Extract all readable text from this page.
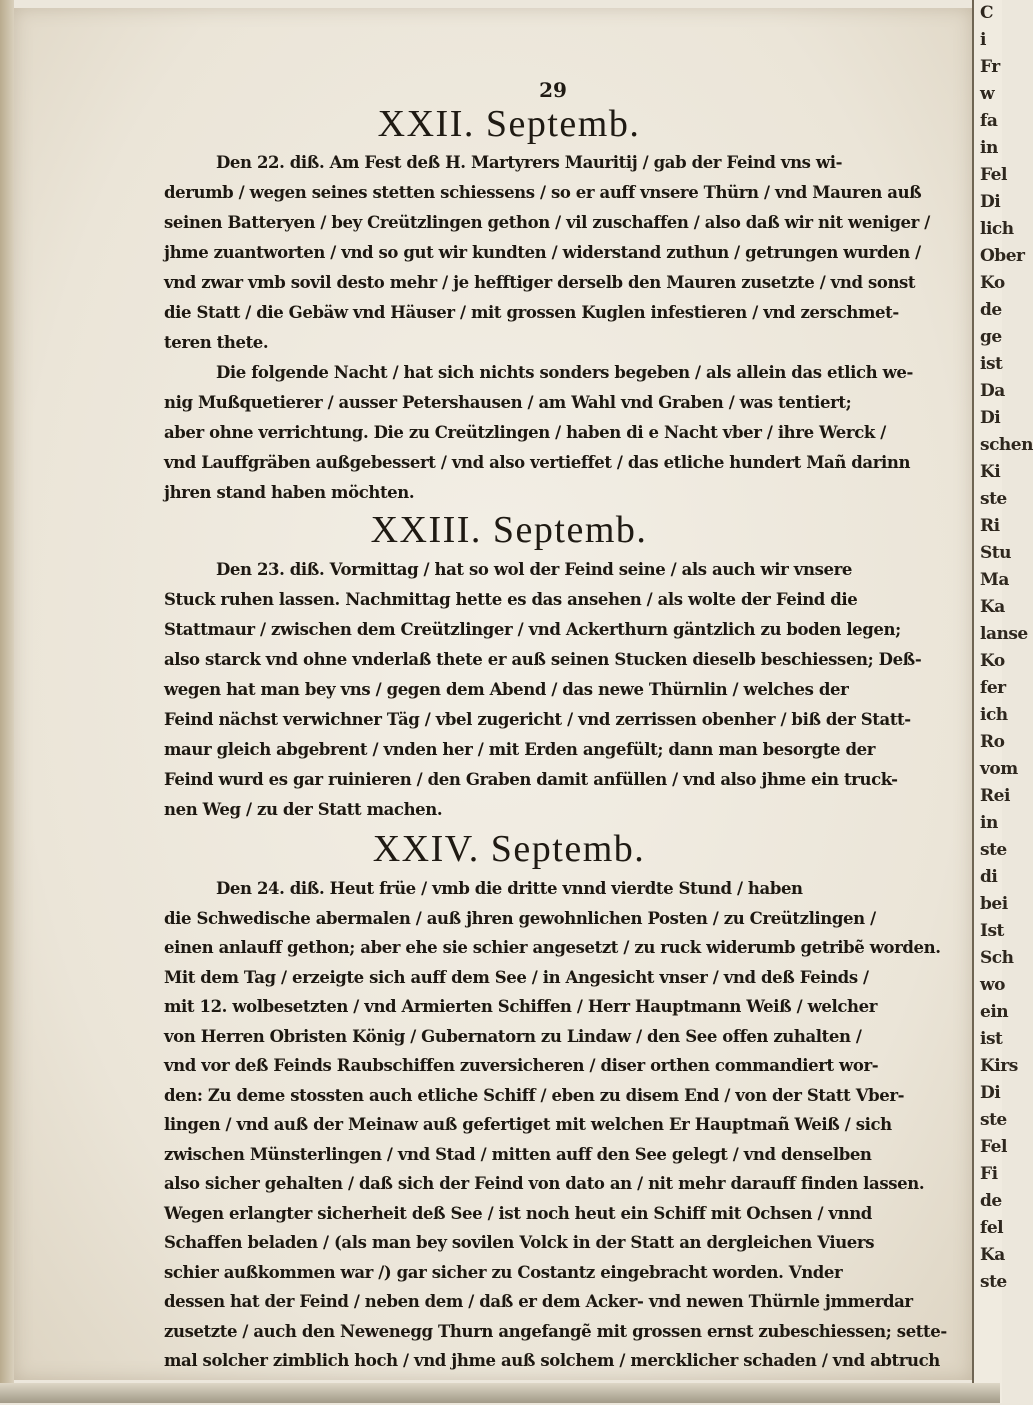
29
XXII. Septemb.
Den 22. diß. Am Fest deß H. Martyrers Mauritij / gab der Feind vns wi-
derumb / wegen seines stetten schiessens / so er auff vnsere Thürn / vnd Mauren auß
seinen Batteryen / bey Creützlingen gethon / vil zuschaffen / also daß wir nit weniger /
jhme zuantworten / vnd so gut wir kundten / widerstand zuthun / getrungen wurden /
vnd zwar vmb sovil desto mehr / je hefftiger derselb den Mauren zusetzte / vnd sonst
die Statt / die Gebäw vnd Häuser / mit grossen Kuglen infestieren / vnd zerschmet-
teren thete.
Die folgende Nacht / hat sich nichts sonders begeben / als allein das etlich we-
nig Mußquetierer / ausser Petershausen / am Wahl vnd Graben / was tentiert;
aber ohne verrichtung. Die zu Creützlingen / haben di e Nacht vber / ihre Werck /
vnd Lauffgräben außgebessert / vnd also vertieffet / das etliche hundert Mañ darinn
jhren stand haben möchten.
XXIII. Septemb.
Den 23. diß. Vormittag / hat so wol der Feind seine / als auch wir vnsere
Stuck ruhen lassen. Nachmittag hette es das ansehen / als wolte der Feind die
Stattmaur / zwischen dem Creützlinger / vnd Ackerthurn gäntzlich zu boden legen;
also starck vnd ohne vnderlaß thete er auß seinen Stucken dieselb beschiessen; Deß-
wegen hat man bey vns / gegen dem Abend / das newe Thürnlin / welches der
Feind nächst verwichner Täg / vbel zugericht / vnd zerrissen obenher / biß der Statt-
maur gleich abgebrent / vnden her / mit Erden angefült; dann man besorgte der
Feind wurd es gar ruinieren / den Graben damit anfüllen / vnd also jhme ein truck-
nen Weg / zu der Statt machen.
XXIV. Septemb.
Den 24. diß. Heut früe / vmb die dritte vnnd vierdte Stund / haben
die Schwedische abermalen / auß jhren gewohnlichen Posten / zu Creützlingen /
einen anlauff gethon; aber ehe sie schier angesetzt / zu ruck widerumb getribẽ worden.
Mit dem Tag / erzeigte sich auff dem See / in Angesicht vnser / vnd deß Feinds /
mit 12. wolbesetzten / vnd Armierten Schiffen / Herr Hauptmann Weiß / welcher
von Herren Obristen König / Gubernatorn zu Lindaw / den See offen zuhalten /
vnd vor deß Feinds Raubschiffen zuversicheren / diser orthen commandiert wor-
den: Zu deme stossten auch etliche Schiff / eben zu disem End / von der Statt Vber-
lingen / vnd auß der Meinaw auß gefertiget mit welchen Er Hauptmañ Weiß / sich
zwischen Münsterlingen / vnd Stad / mitten auff den See gelegt / vnd denselben
also sicher gehalten / daß sich der Feind von dato an / nit mehr darauff finden lassen.
Wegen erlangter sicherheit deß See / ist noch heut ein Schiff mit Ochsen / vnnd
Schaffen beladen / (als man bey sovilen Volck in der Statt an dergleichen Viuers
schier außkommen war /) gar sicher zu Costantz eingebracht worden. Vnder
dessen hat der Feind / neben dem / daß er dem Acker- vnd newen Thürnle jmmerdar
zusetzte / auch den Newenegg Thurn angefangẽ mit grossen ernst zubeschiessen; sette-
mal solcher zimblich hoch / vnd jhme auß solchem / mercklicher schaden / vnd abtruch
C
i
Fr
w
fa
in
Fel
Di
lich
Ober
Ko
de
ge
ist
Da
Di
schen
Ki
ste
Ri
Stu
Ma
Ka
lanse
Ko
fer
ich
Ro
vom
Rei
in
ste
di
bei
Ist
Sch
wo
ein
ist
Kirs
Di
ste
Fel
Fi
de
fel
Ka
ste
